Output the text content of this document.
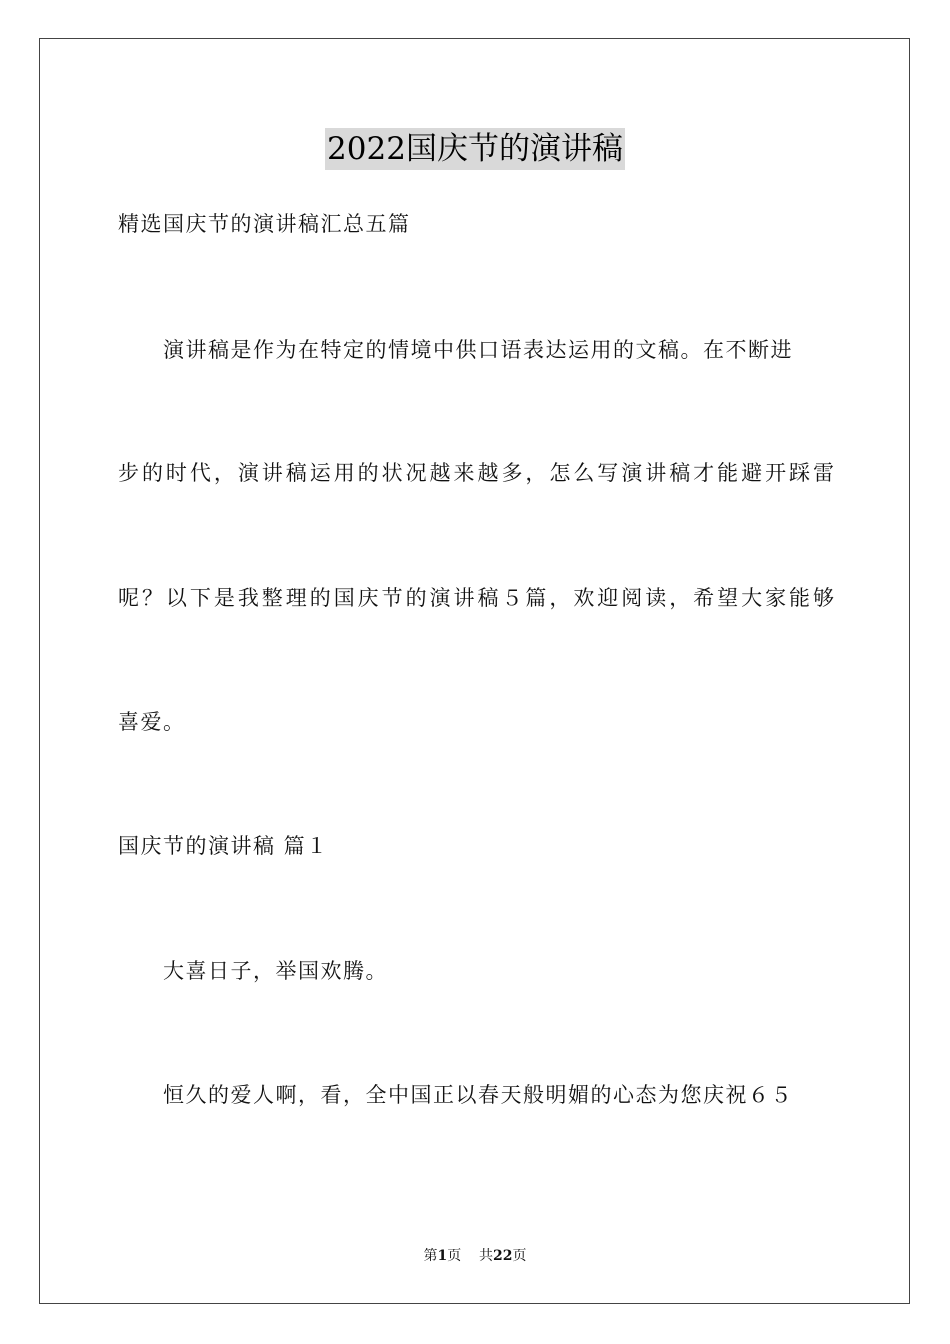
2022国庆节的演讲稿
精选国庆节的演讲稿汇总五篇
演讲稿是作为在特定的情境中供口语表达运用的文稿。在不断进
步的时代，演讲稿运用的状况越来越多，怎么写演讲稿才能避开踩雷
呢？以下是我整理的国庆节的演讲稿５篇，欢迎阅读，希望大家能够
喜爱。
国庆节的演讲稿 篇１
大喜日子，举国欢腾。
恒久的爱人啊，看，全中国正以春天般明媚的心态为您庆祝６５
第1页 共22页
